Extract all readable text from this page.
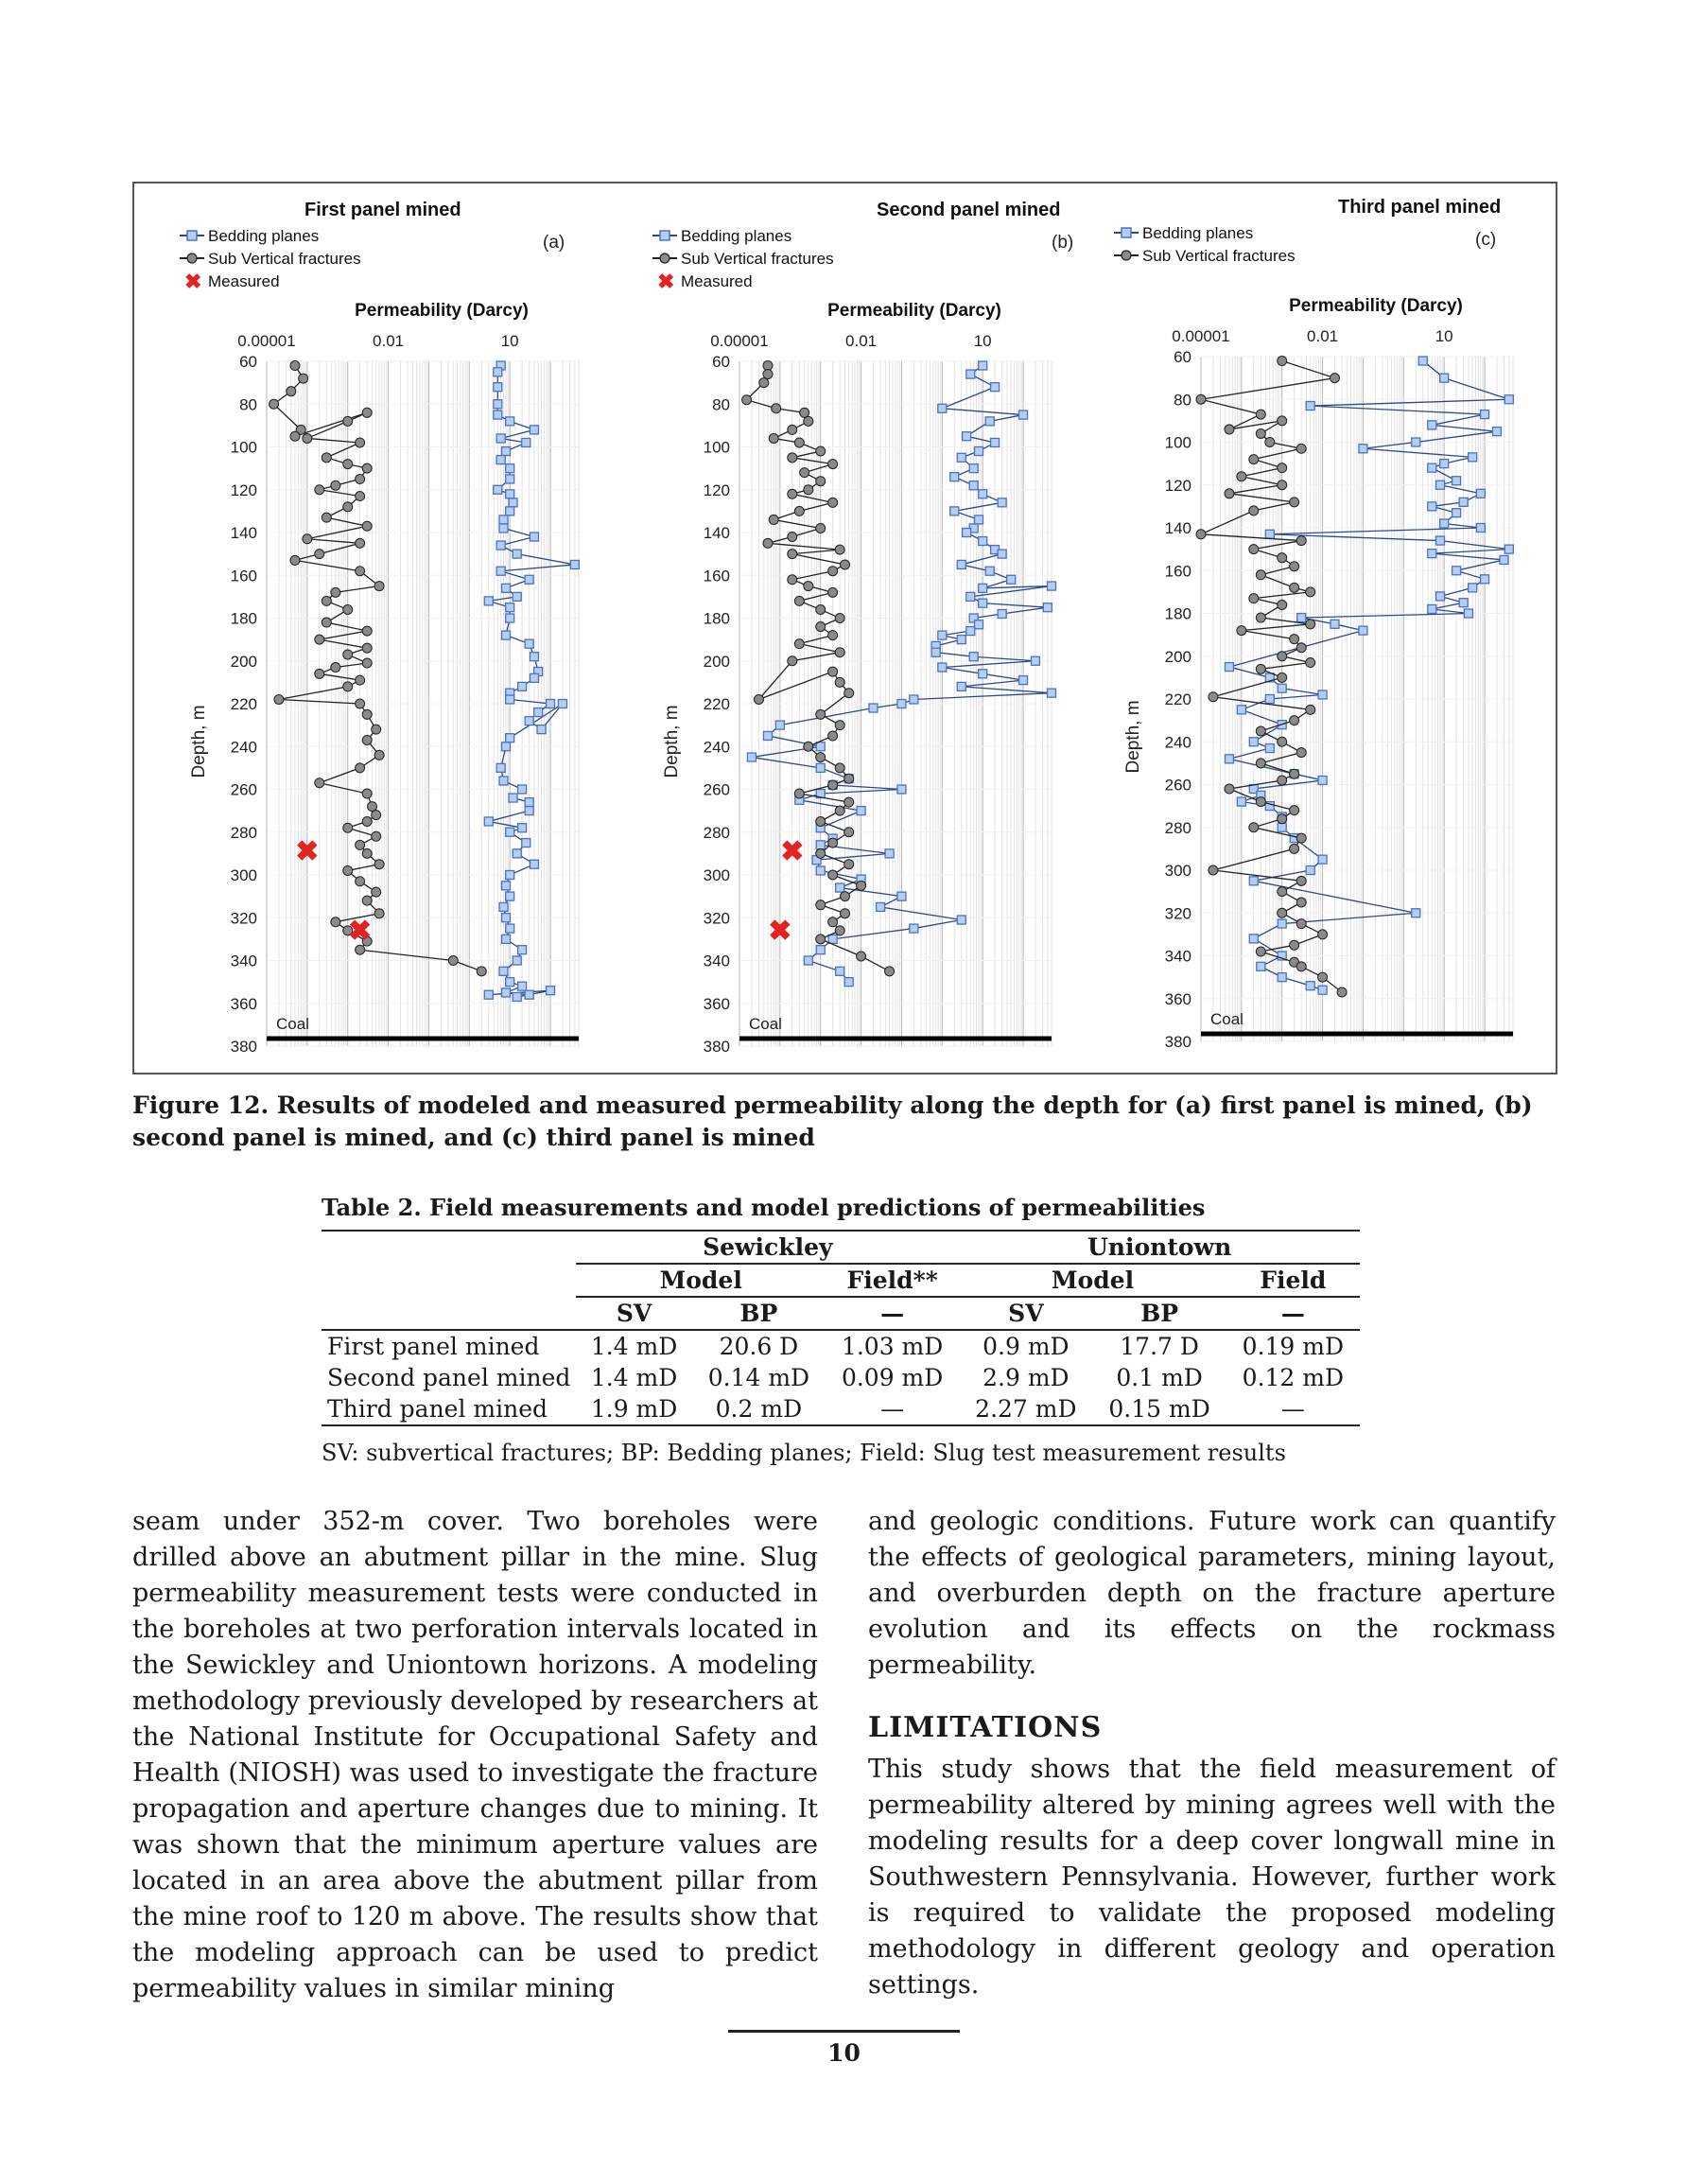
Coal
60
80
100
120
140
160
180
200
220
240
260
280
300
320
340
360
380
0.00001	0.01	10
Permeability (Darcy)
Depth, m
First panel mined
(a)
Bedding planes
Sub Vertical fractures
✖ Measured
✖
✖
Coal
60
80
100
120
140
160
180
200
220
240
260
280
300
320
340
360
380
0.00001	0.01	10
Permeability (Darcy)
Depth, m
Second panel mined
(b)
Bedding planes
Sub Vertical fractures
✖ Measured
✖
✖
Coal
60
80
100
120
140
160
180
200
220
240
260
280
300
320
340
360
380
0.00001	0.01	10
Permeability (Darcy)
Depth, m
Third panel mined
(c)
Bedding planes
Sub Vertical fractures
Figure 12. Results of modeled and measured permeability along the depth for (a) first panel is mined, (b) second panel is mined, and (c) third panel is mined
Table 2. Field measurements and model predictions of permeabilities
	Sewickley			Uniontown		
	Model		Field**	Model		Field
	SV	BP	—	SV	BP	—
First panel mined	1.4 mD	20.6 D	1.03 mD	0.9 mD	17.7 D	0.19 mD
Second panel mined	1.4 mD	0.14 mD	0.09 mD	2.9 mD	0.1 mD	0.12 mD
Third panel mined	1.9 mD	0.2 mD	—	2.27 mD	0.15 mD	—
SV: subvertical fractures; BP: Bedding planes; Field: Slug test measurement results

seam under 352-m cover. Two boreholes were drilled above an abutment pillar in the mine. Slug permeability measurement tests were conducted in the boreholes at two perforation intervals located in the Sewickley and Uniontown horizons. A modeling methodology previously developed by researchers at the National Institute for Occupational Safety and Health (NIOSH) was used to investigate the fracture propagation and aperture changes due to mining. It was shown that the minimum aperture values are located in an area above the abutment pillar from the mine roof to 120 m above. The results show that the modeling approach can be used to predict permeability values in similar mining

and geologic conditions. Future work can quantify the effects of geological parameters, mining layout, and overburden depth on the fracture aperture evolution and its effects on the rockmass permeability.

LIMITATIONS

This study shows that the field measurement of permeability altered by mining agrees well with the modeling results for a deep cover longwall mine in Southwestern Pennsylvania. However, further work is required to validate the proposed modeling methodology in different geology and operation settings.

10
